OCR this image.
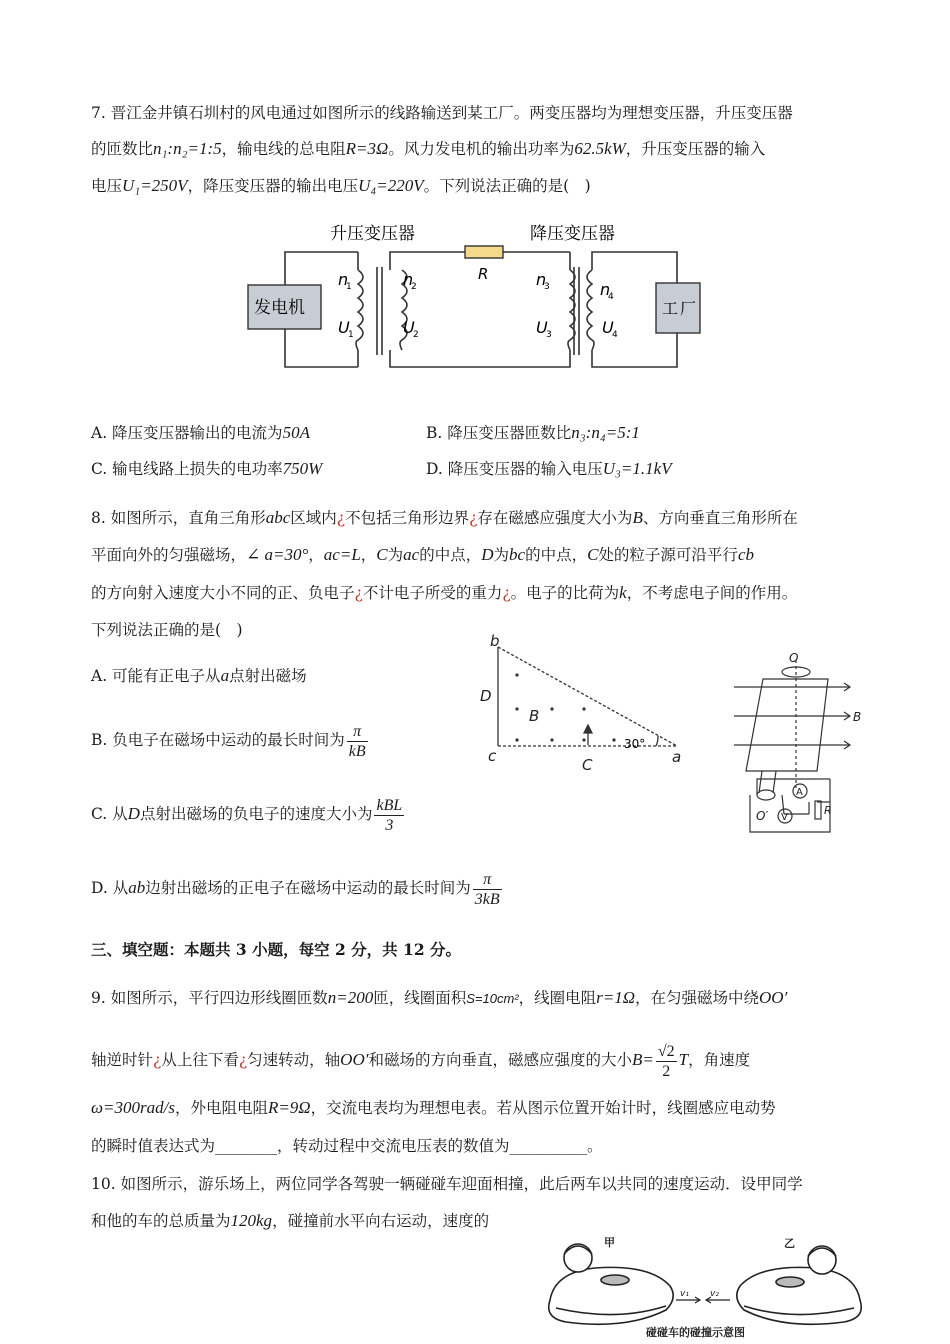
7. 晋江金井镇石圳村的风电通过如图所示的线路输送到某工厂。两变压器均为理想变压器，升压变压器
的匝数比n₁:n₂=1:5，输电线的总电阻R=3Ω。风力发电机的输出功率为62.5kW，升压变压器的输入
电压U₁=250V，降压变压器的输出电压U₄=220V。下列说法正确的是(　)
升压变压器	降压变压器
发电机	工厂
R
n
1
U
1
n
2
U
2
n
3
U
3
n
4
U
4
A. 降压变压器输出的电流为50A	B. 降压变压器匝数比n₃:n₄=5:1
C. 输电线路上损失的电功率750W	D. 降压变压器的输入电压U₃=1.1kV
8. 如图所示，直角三角形abc区域内¿不包括三角形边界¿存在磁感应强度大小为B、方向垂直三角形所在
平面向外的匀强磁场，∠ a=30°，ac=L，C为ac的中点，D为bc的中点，C处的粒子源可沿平行cb
的方向射入速度大小不同的正、负电子¿不计电子所受的重力¿。电子的比荷为k，不考虑电子间的作用。
下列说法正确的是(　)
A. 可能有正电子从a点射出磁场
B. 负电子在磁场中运动的最长时间为 $\frac{\pi}{kB}$
C. 从D点射出磁场的负电子的速度大小为 $\frac{\text{kBL}}{3}$
D. 从ab边射出磁场的正电子在磁场中运动的最长时间为 $\frac{\pi}{3kB}$
b
c	a
D
B
C
30°
O
O′
B
A
V
R
三、填空题：本题共 3 小题，每空 2 分，共 12 分。
9. 如图所示，平行四边形线圈匝数n=200匝，线圈面积S=10cm²，线圈电阻r=1Ω，在匀强磁场中绕OO′
轴逆时针¿从上往下看¿匀速转动，轴OO′和磁场的方向垂直，磁感应强度的大小$B= \frac{√2}{2}$ T，角速度
ω=300rad/s，外电阻电阻R=9Ω，交流电表均为理想电表。若从图示位置开始计时，线圈感应电动势
的瞬时值表达式为________，转动过程中交流电压表的数值为__________。
10. 如图所示，游乐场上，两位同学各驾驶一辆碰碰车迎面相撞，此后两车以共同的速度运动．设甲同学
和他的车的总质量为120kg，碰撞前水平向右运动，速度的
甲	乙
v₁ v₂
碰碰车的碰撞示意图
